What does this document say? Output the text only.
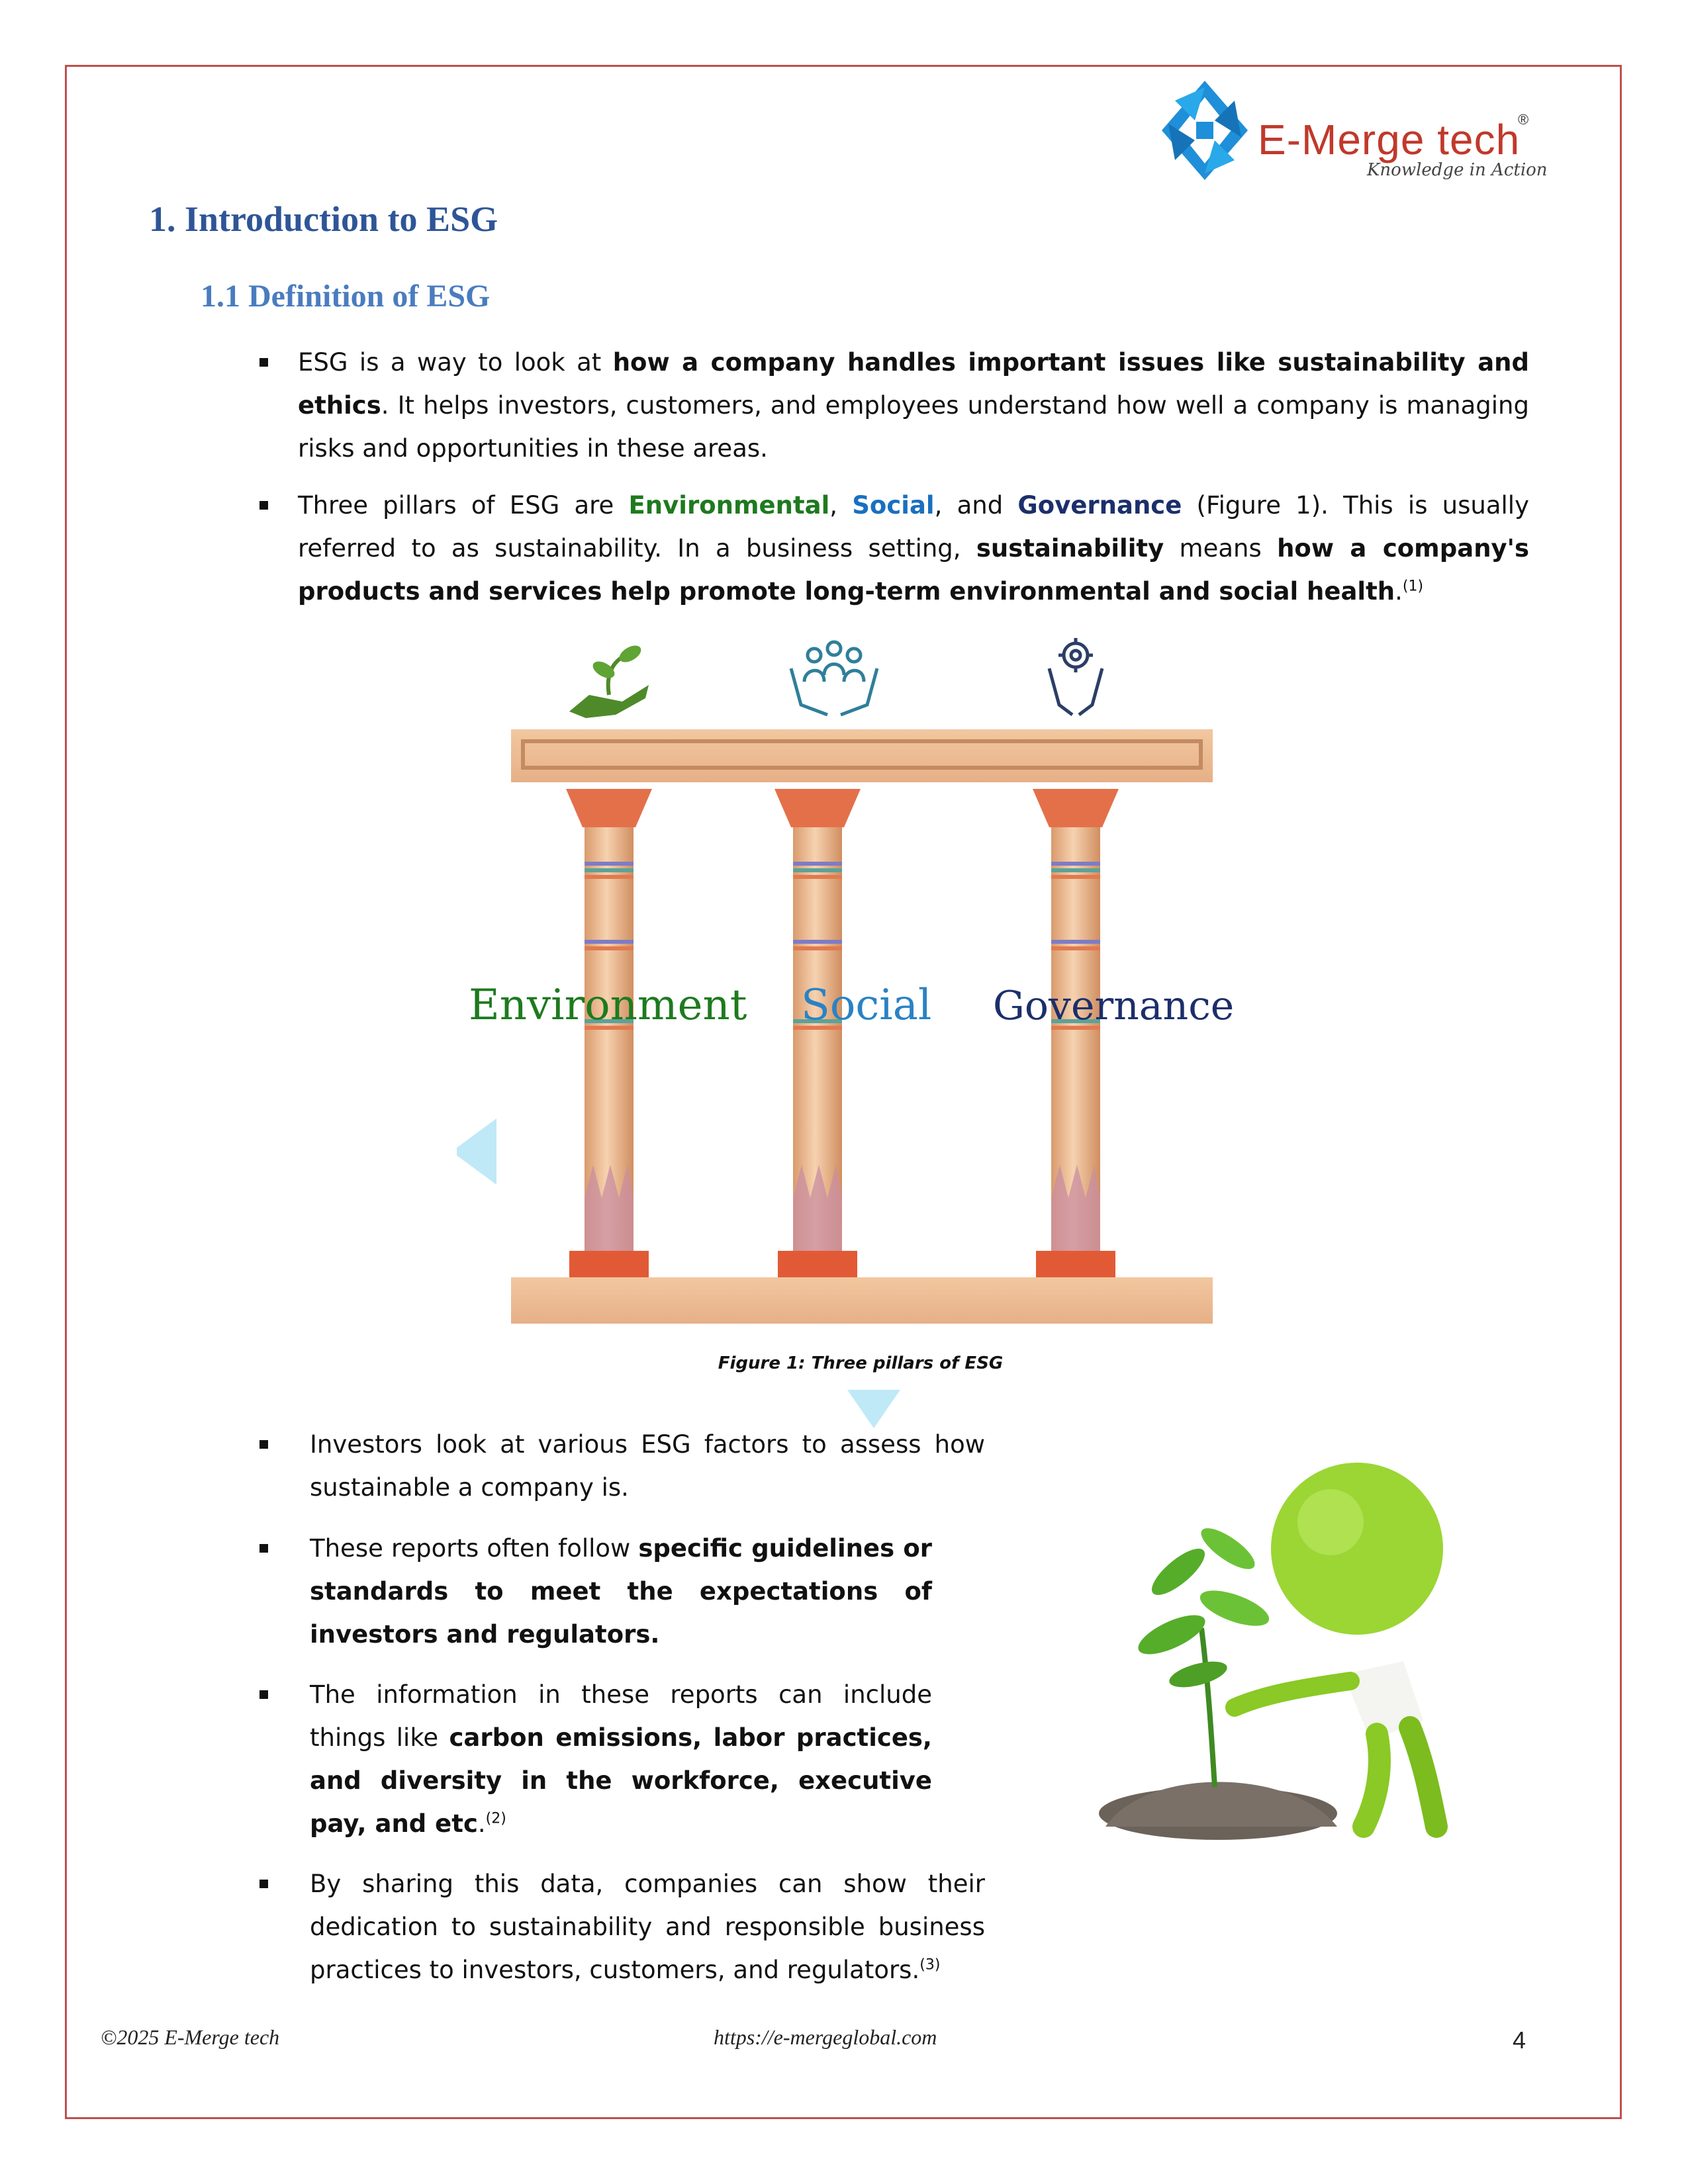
E-Merge tech
®
Knowledge in Action
1. Introduction to ESG
1.1 Definition of ESG

ESG is a way to look at how a company handles important issues like sustainability and ethics. It helps investors, customers, and employees understand how well a company is managing risks and opportunities in these areas.

Three pillars of ESG are Environmental, Social, and Governance (Figure 1). This is usually referred to as sustainability. In a business setting, sustainability means how a company's products and services help promote long-term environmental and social health.$^{(1)}$

Environment Social Governance
Figure 1: Three pillars of ESG

Investors look at various ESG factors to assess how sustainable a company is.

These reports often follow specific guidelines or standards to meet the expectations of investors and regulators.

The information in these reports can include things like carbon emissions, labor practices, and diversity in the workforce, executive pay, and etc.$^{(2)}$

By sharing this data, companies can show their dedication to sustainability and responsible business practices to investors, customers, and regulators.$^{(3)}$

©2025 E-Merge tech	https://e-mergeglobal.com	4
